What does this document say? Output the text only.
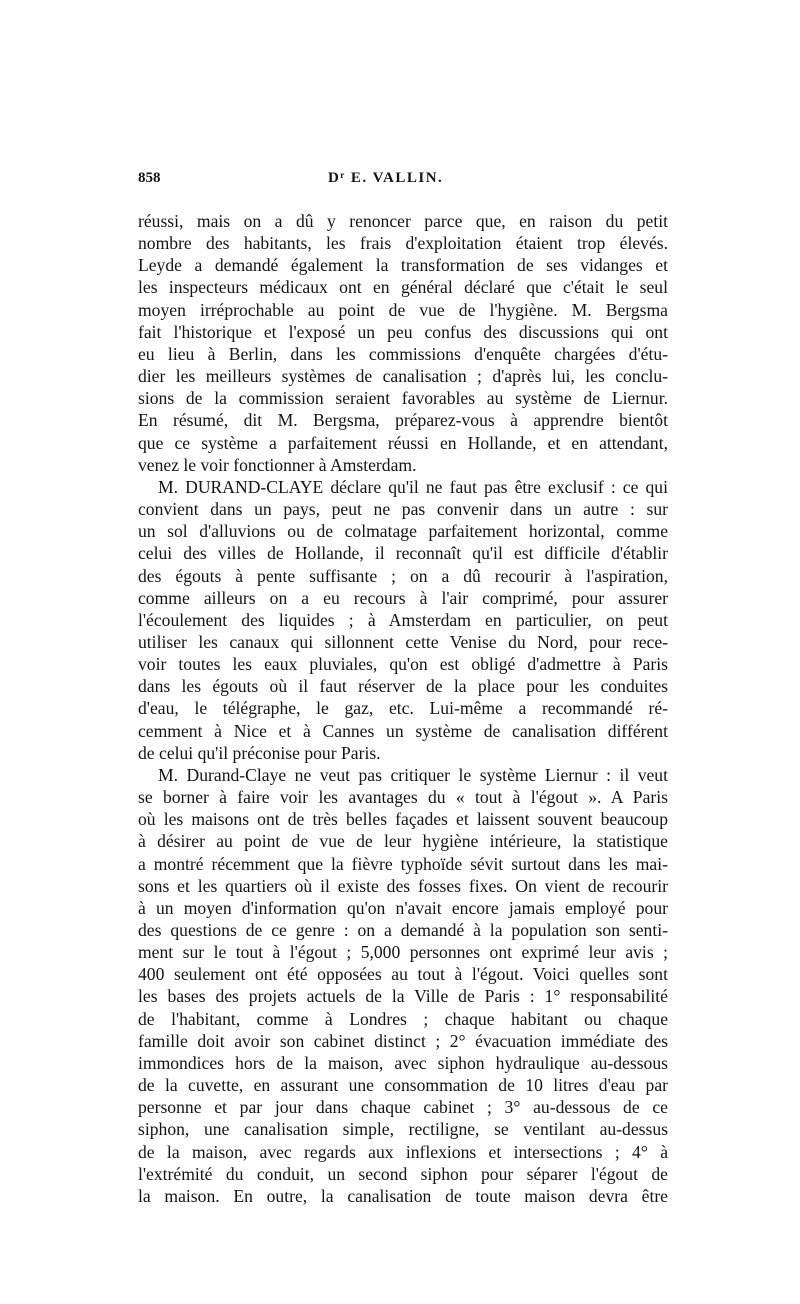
858	Dʳ E. VALLIN.
réussi, mais on a dû y renoncer parce que, en raison du petit
nombre des habitants, les frais d'exploitation étaient trop élevés.
Leyde a demandé également la transformation de ses vidanges et
les inspecteurs médicaux ont en général déclaré que c'était le seul
moyen irréprochable au point de vue de l'hygiène. M. Bergsma
fait l'historique et l'exposé un peu confus des discussions qui ont
eu lieu à Berlin, dans les commissions d'enquête chargées d'étu-
dier les meilleurs systèmes de canalisation ; d'après lui, les conclu-
sions de la commission seraient favorables au système de Liernur.
En résumé, dit M. Bergsma, préparez-vous à apprendre bientôt
que ce système a parfaitement réussi en Hollande, et en attendant,
venez le voir fonctionner à Amsterdam.
M. DURAND-CLAYE déclare qu'il ne faut pas être exclusif : ce qui
convient dans un pays, peut ne pas convenir dans un autre : sur
un sol d'alluvions ou de colmatage parfaitement horizontal, comme
celui des villes de Hollande, il reconnaît qu'il est difficile d'établir
des égouts à pente suffisante ; on a dû recourir à l'aspiration,
comme ailleurs on a eu recours à l'air comprimé, pour assurer
l'écoulement des liquides ; à Amsterdam en particulier, on peut
utiliser les canaux qui sillonnent cette Venise du Nord, pour rece-
voir toutes les eaux pluviales, qu'on est obligé d'admettre à Paris
dans les égouts où il faut réserver de la place pour les conduites
d'eau, le télégraphe, le gaz, etc. Lui-même a recommandé ré-
cemment à Nice et à Cannes un système de canalisation différent
de celui qu'il préconise pour Paris.
M. Durand-Claye ne veut pas critiquer le système Liernur : il veut
se borner à faire voir les avantages du « tout à l'égout ». A Paris
où les maisons ont de très belles façades et laissent souvent beaucoup
à désirer au point de vue de leur hygiène intérieure, la statistique
a montré récemment que la fièvre typhoïde sévit surtout dans les mai-
sons et les quartiers où il existe des fosses fixes. On vient de recourir
à un moyen d'information qu'on n'avait encore jamais employé pour
des questions de ce genre : on a demandé à la population son senti-
ment sur le tout à l'égout ; 5,000 personnes ont exprimé leur avis ;
400 seulement ont été opposées au tout à l'égout. Voici quelles sont
les bases des projets actuels de la Ville de Paris : 1° responsabilité
de l'habitant, comme à Londres ; chaque habitant ou chaque
famille doit avoir son cabinet distinct ; 2° évacuation immédiate des
immondices hors de la maison, avec siphon hydraulique au-dessous
de la cuvette, en assurant une consommation de 10 litres d'eau par
personne et par jour dans chaque cabinet ; 3° au-dessous de ce
siphon, une canalisation simple, rectiligne, se ventilant au-dessus
de la maison, avec regards aux inflexions et intersections ; 4° à
l'extrémité du conduit, un second siphon pour séparer l'égout de
la maison. En outre, la canalisation de toute maison devra être
